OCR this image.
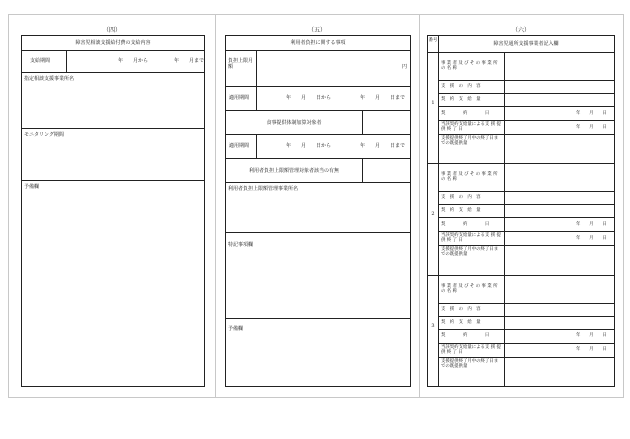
（四）
障害児相談支援給付費の支給内容
支給期間	年　　月から	年　　月まで
指定相談支援事業所名
モニタリング期間
予備欄
（五）
利用者負担に関する事項
負担上限月額	円
適用期間	年　　月　　日から	年　　月　　日まで
食事提供体制加算対象者
適用期間	年　　月　　日から	年　　月　　日まで
利用者負担上限額管理対象者該当の有無
利用者負担上限額管理事業所名
特記事項欄
予備欄
（六）
番号
障害児通所支援事業者記入欄
1
事 業 者 及 び そ の 事 業 所 の 名 称
支　援　の　内　容
契　約　支　給　量
契　　　　約　　　　日	年　　月　　日
当該契約支給量による支 援 提 供 終 了 日	年　　月　　日
支援提供終了月中の終了日までの既提供量
2
事 業 者 及 び そ の 事 業 所 の 名 称
支　援　の　内　容
契　約　支　給　量
契　　　　約　　　　日	年　　月　　日
当該契約支給量による支 援 提 供 終 了 日	年　　月　　日
支援提供終了月中の終了日までの既提供量
3
事 業 者 及 び そ の 事 業 所 の 名 称
支　援　の　内　容
契　約　支　給　量
契　　　　約　　　　日	年　　月　　日
当該契約支給量による支 援 提 供 終 了 日	年　　月　　日
支援提供終了月中の終了日までの既提供量
